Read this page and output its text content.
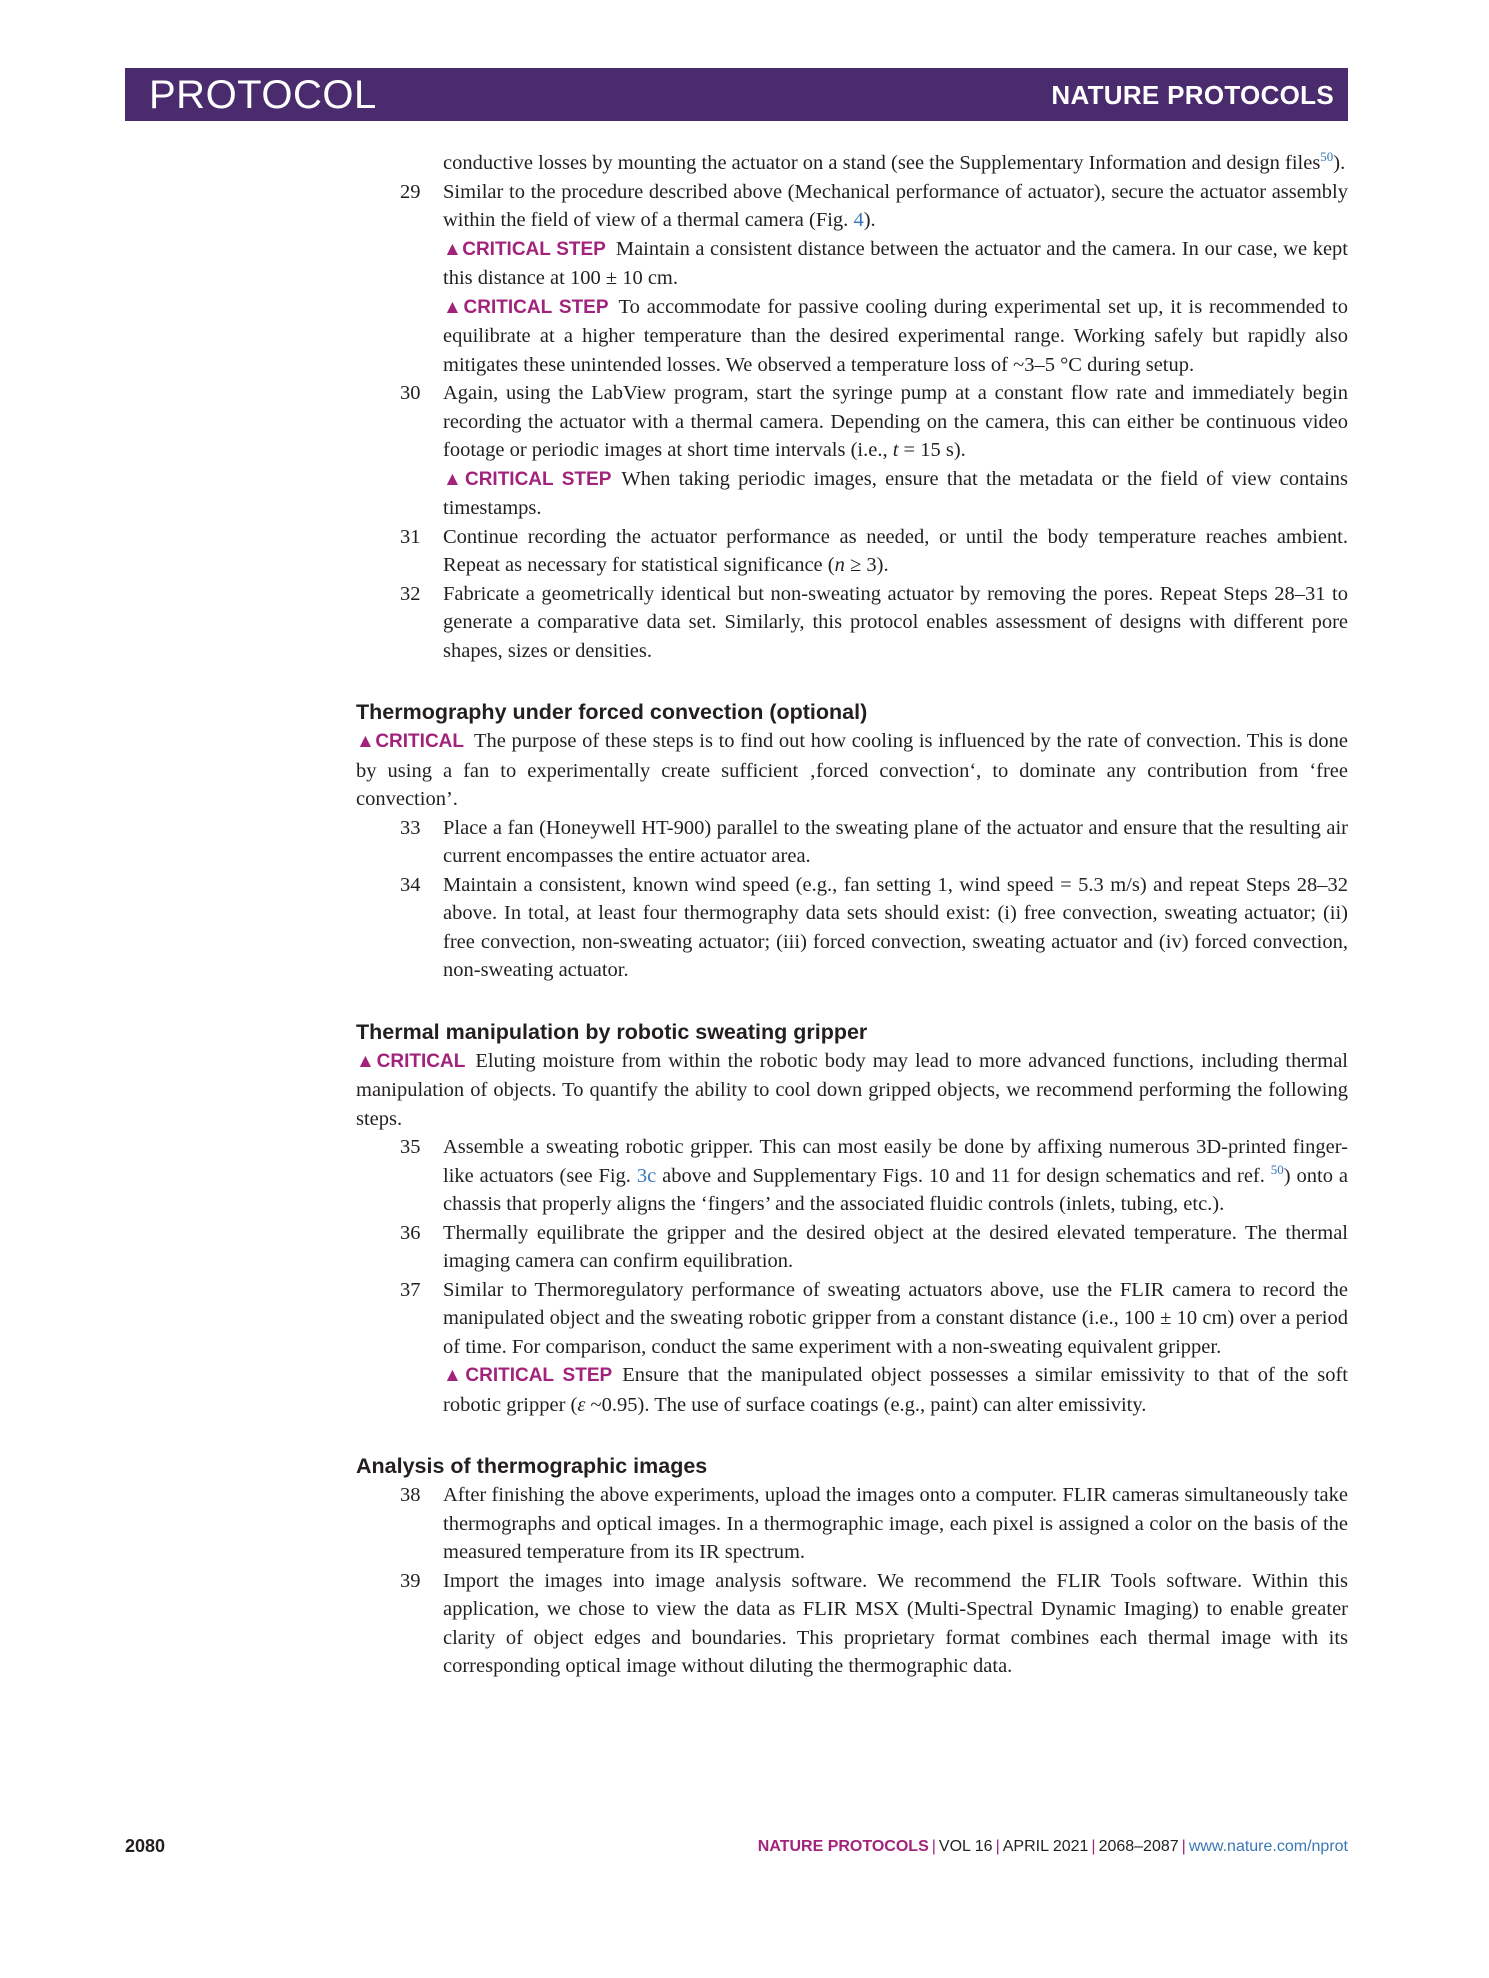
PROTOCOL	NATURE PROTOCOLS

conductive losses by mounting the actuator on a stand (see the Supplementary Information and design files$^{50}$).

29 Similar to the procedure described above (Mechanical performance of actuator), secure the actuator assembly within the field of view of a thermal camera (Fig. 4).

▲CRITICAL STEP Maintain a consistent distance between the actuator and the camera. In our case, we kept this distance at 100 ± 10 cm.

▲CRITICAL STEP To accommodate for passive cooling during experimental set up, it is recommended to equilibrate at a higher temperature than the desired experimental range. Working safely but rapidly also mitigates these unintended losses. We observed a temperature loss of ~3–5 °C during setup.

30 Again, using the LabView program, start the syringe pump at a constant flow rate and immediately begin recording the actuator with a thermal camera. Depending on the camera, this can either be continuous video footage or periodic images at short time intervals (i.e., t = 15 s).

▲CRITICAL STEP When taking periodic images, ensure that the metadata or the field of view contains timestamps.

31 Continue recording the actuator performance as needed, or until the body temperature reaches ambient. Repeat as necessary for statistical significance (n ≥ 3).

32 Fabricate a geometrically identical but non-sweating actuator by removing the pores. Repeat Steps 28–31 to generate a comparative data set. Similarly, this protocol enables assessment of designs with different pore shapes, sizes or densities.

Thermography under forced convection (optional)

▲CRITICAL The purpose of these steps is to find out how cooling is influenced by the rate of convection. This is done by using a fan to experimentally create sufficient ‚forced convection‘, to dominate any contribution from ‘free convection’.

33 Place a fan (Honeywell HT-900) parallel to the sweating plane of the actuator and ensure that the resulting air current encompasses the entire actuator area.

34 Maintain a consistent, known wind speed (e.g., fan setting 1, wind speed = 5.3 m/s) and repeat Steps 28–32 above. In total, at least four thermography data sets should exist: (i) free convection, sweating actuator; (ii) free convection, non-sweating actuator; (iii) forced convection, sweating actuator and (iv) forced convection, non-sweating actuator.

Thermal manipulation by robotic sweating gripper

▲CRITICAL Eluting moisture from within the robotic body may lead to more advanced functions, including thermal manipulation of objects. To quantify the ability to cool down gripped objects, we recommend performing the following steps.

35 Assemble a sweating robotic gripper. This can most easily be done by affixing numerous 3D-printed finger-like actuators (see Fig. 3c above and Supplementary Figs. 10 and 11 for design schematics and ref. $^{50}$) onto a chassis that properly aligns the ‘fingers’ and the associated fluidic controls (inlets, tubing, etc.).

36 Thermally equilibrate the gripper and the desired object at the desired elevated temperature. The thermal imaging camera can confirm equilibration.

37 Similar to Thermoregulatory performance of sweating actuators above, use the FLIR camera to record the manipulated object and the sweating robotic gripper from a constant distance (i.e., 100 ± 10 cm) over a period of time. For comparison, conduct the same experiment with a non-sweating equivalent gripper.

▲CRITICAL STEP Ensure that the manipulated object possesses a similar emissivity to that of the soft robotic gripper (ε ~0.95). The use of surface coatings (e.g., paint) can alter emissivity.

Analysis of thermographic images

38 After finishing the above experiments, upload the images onto a computer. FLIR cameras simultaneously take thermographs and optical images. In a thermographic image, each pixel is assigned a color on the basis of the measured temperature from its IR spectrum.

39 Import the images into image analysis software. We recommend the FLIR Tools software. Within this application, we chose to view the data as FLIR MSX (Multi-Spectral Dynamic Imaging) to enable greater clarity of object edges and boundaries. This proprietary format combines each thermal image with its corresponding optical image without diluting the thermographic data.

2080	NATURE PROTOCOLS | VOL 16 | APRIL 2021 | 2068–2087 | www.nature.com/nprot
